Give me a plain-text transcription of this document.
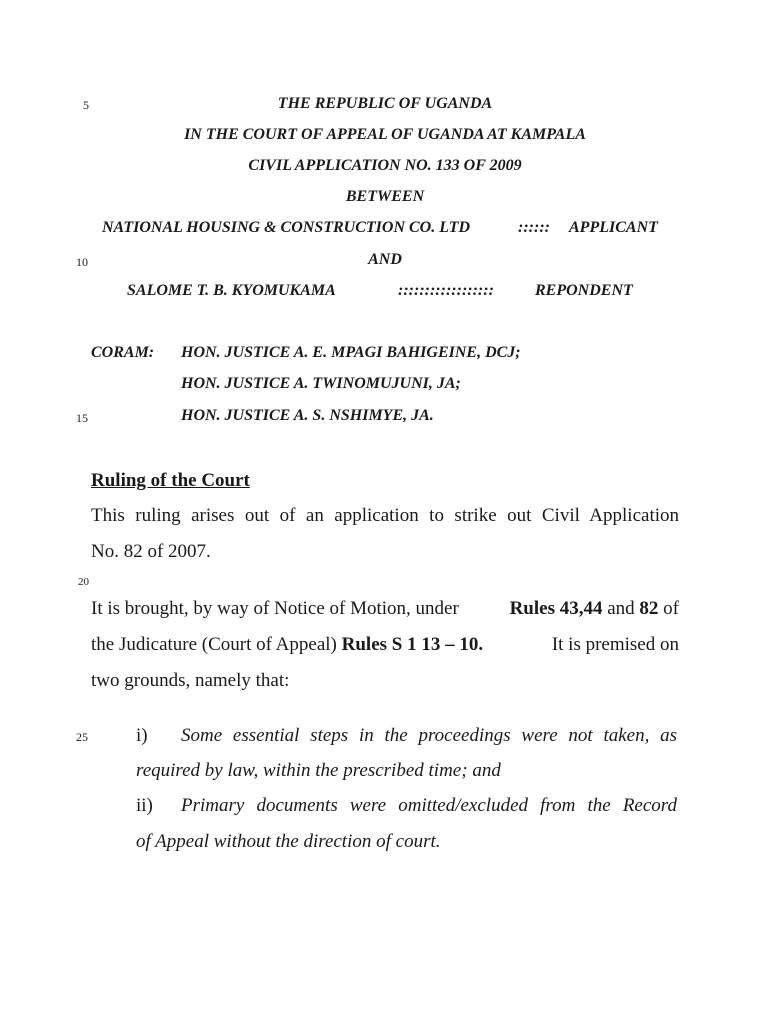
5
10
15
20
25
THE REPUBLIC OF UGANDA
IN THE COURT OF APPEAL OF UGANDA AT KAMPALA
CIVIL APPLICATION NO. 133 OF 2009
BETWEEN
NATIONAL HOUSING & CONSTRUCTION CO. LTD	:::::: APPLICANT
AND
SALOME T. B. KYOMUKAMA	::::::::::::::::::	REPONDENT
CORAM: HON. JUSTICE A. E. MPAGI BAHIGEINE, DCJ;
HON. JUSTICE A. TWINOMUJUNI, JA;
HON. JUSTICE A. S. NSHIMYE, JA.
Ruling of the Court
This ruling arises out of an application to strike out Civil Application
No. 82 of 2007.
It is brought, by way of Notice of Motion, under	Rules 43,44 and 82 of
the Judicature (Court of Appeal) Rules S 1 13 – 10.	It is premised on
two grounds, namely that:
i) Some essential steps in the proceedings were not taken, as
required by law, within the prescribed time; and
ii) Primary documents were omitted/excluded from the Record
of Appeal without the direction of court.
